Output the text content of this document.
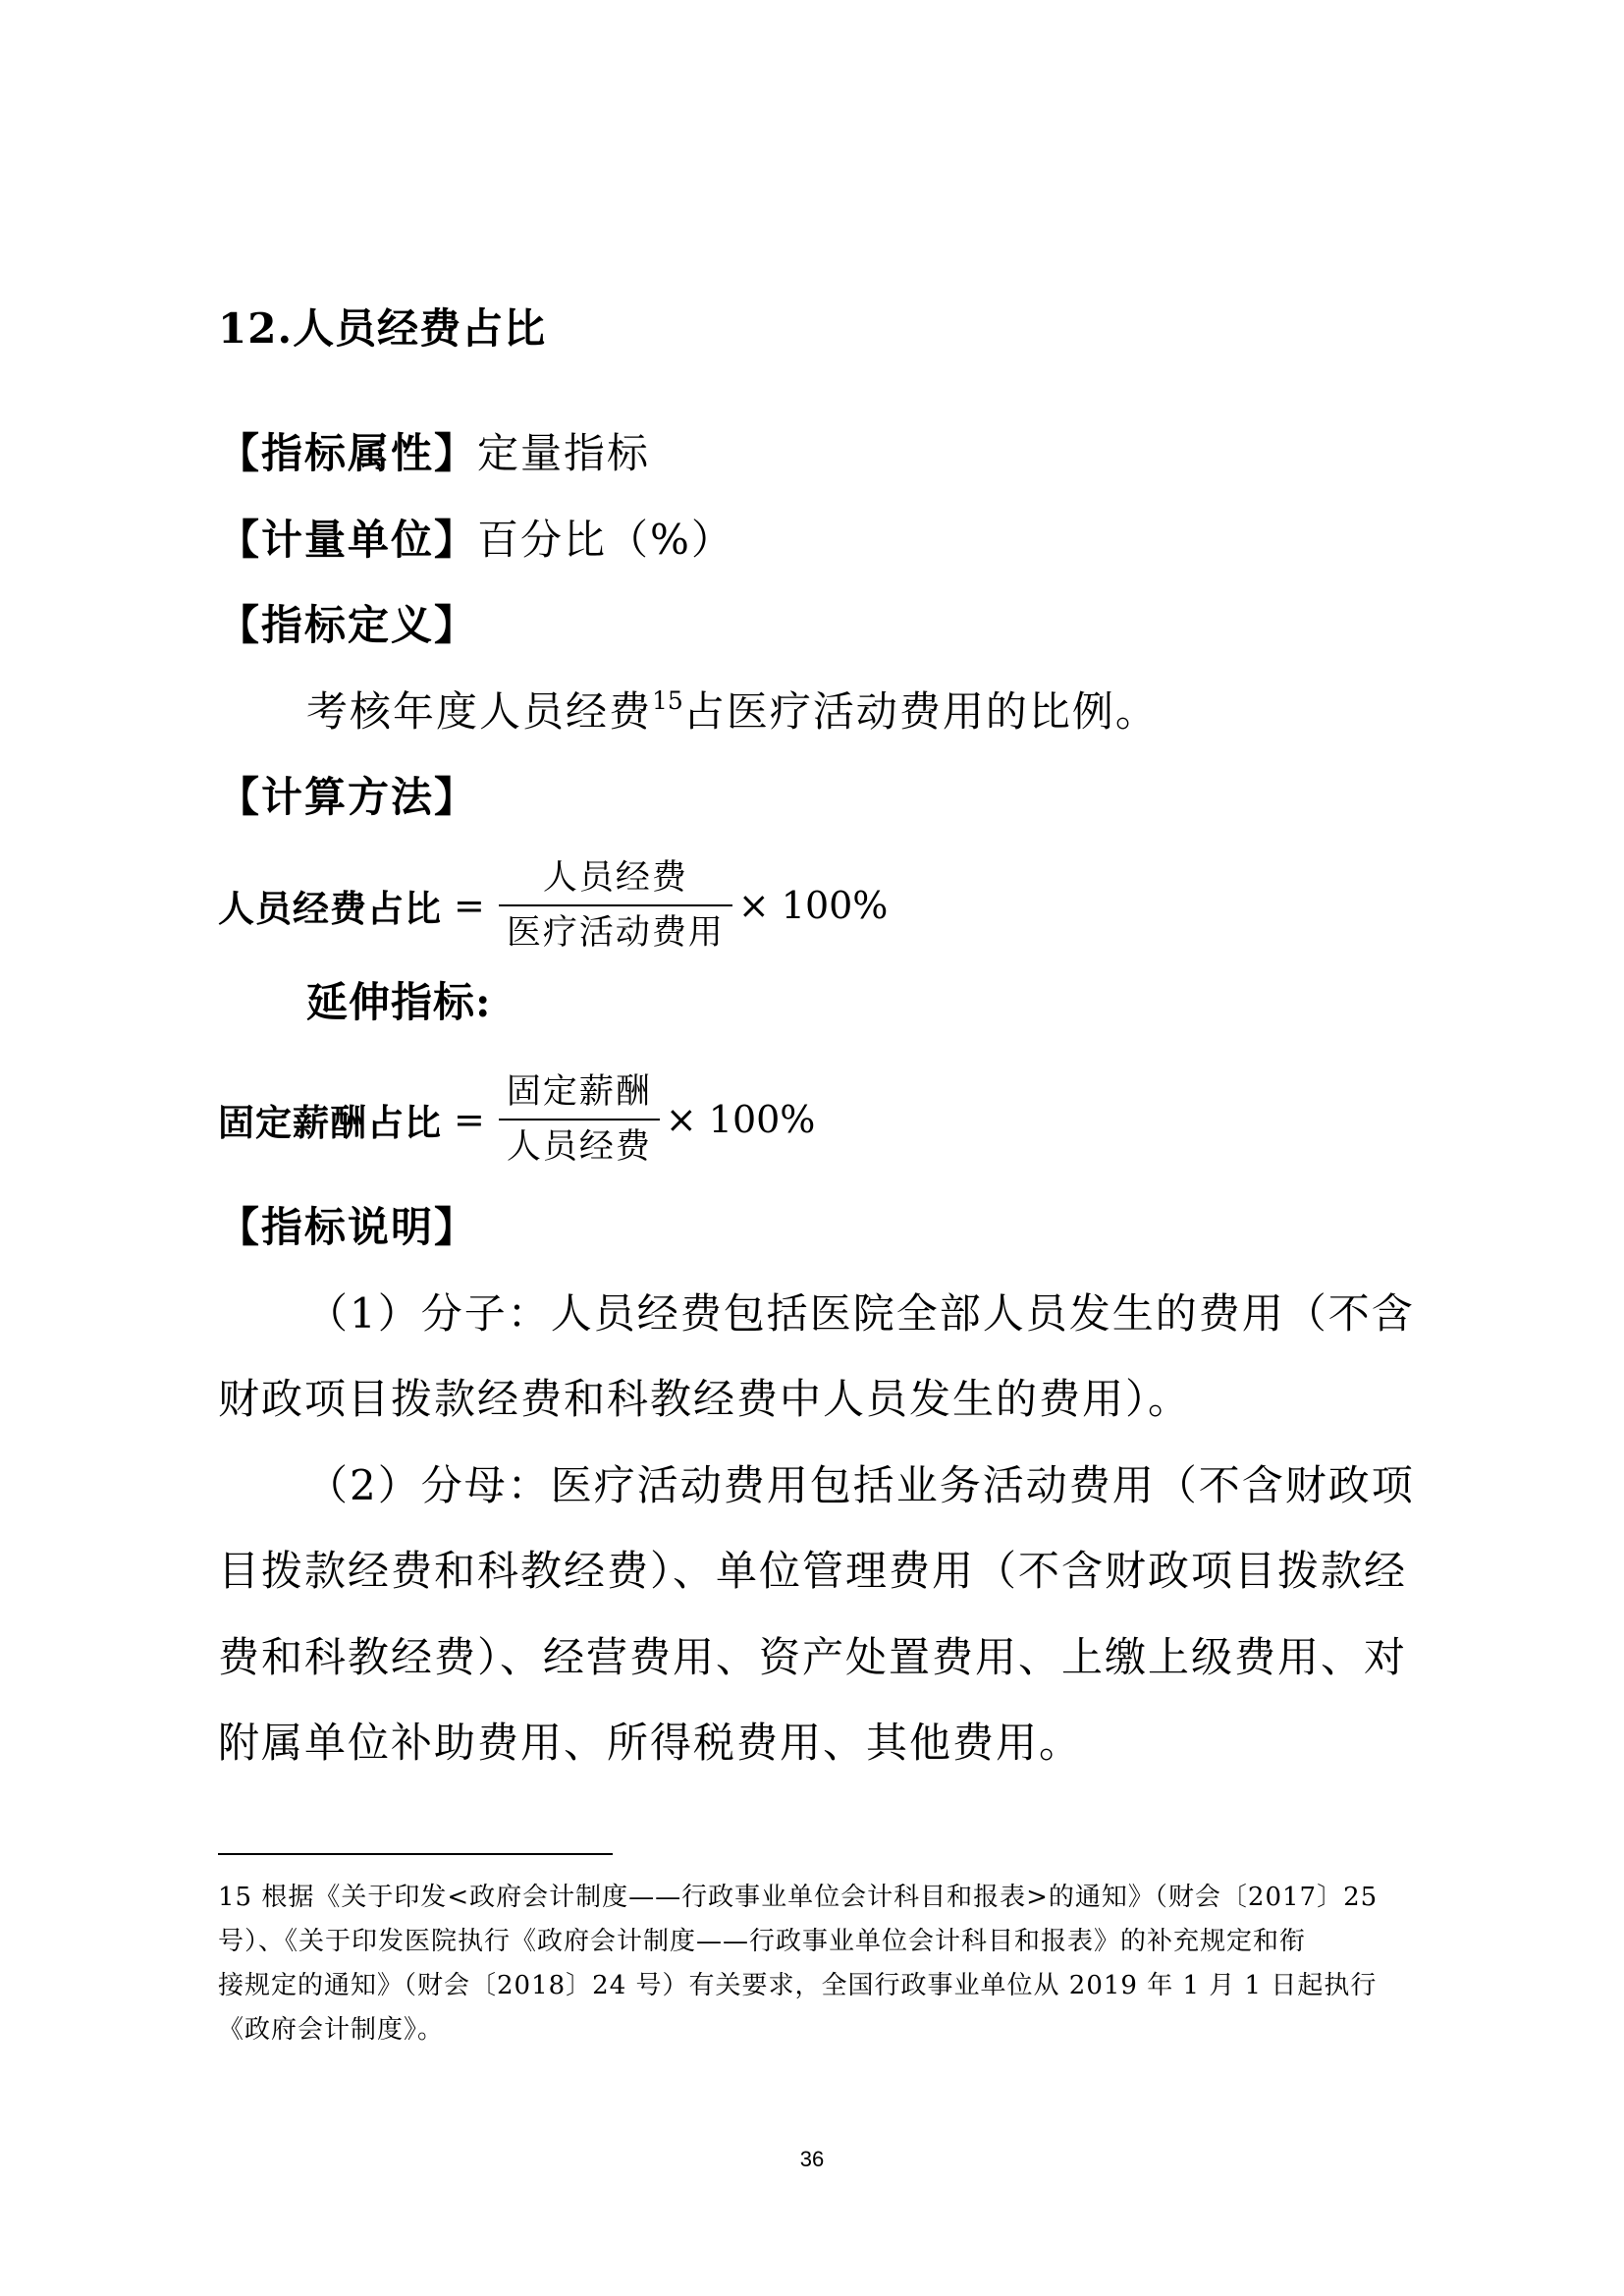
12.人员经费占比
【指标属性】定量指标
【计量单位】百分比（%）
【指标定义】
考核年度人员经费$^{15}$占医疗活动费用的比例。
【计算方法】
人员经费占比 = $\frac{\text{人员经费}}{\text{医疗活动费用}} \times 100\%$
延伸指标:
固定薪酬占比 = $\frac{\text{固定薪酬}}{\text{人员经费}} \times 100\%$
【指标说明】
（1）分子：人员经费包括医院全部人员发生的费用（不含
财政项目拨款经费和科教经费中人员发生的费用）。
（2）分母：医疗活动费用包括业务活动费用（不含财政项
目拨款经费和科教经费）、单位管理费用（不含财政项目拨款经
费和科教经费）、经营费用、资产处置费用、上缴上级费用、对
附属单位补助费用、所得税费用、其他费用。
15 根据《关于印发<政府会计制度——行政事业单位会计科目和报表>的通知》（财会〔2017〕25
号）、《关于印发医院执行《政府会计制度——行政事业单位会计科目和报表》的补充规定和衔
接规定的通知》（财会〔2018〕24 号）有关要求，全国行政事业单位从 2019 年 1 月 1 日起执行
《政府会计制度》。
36
